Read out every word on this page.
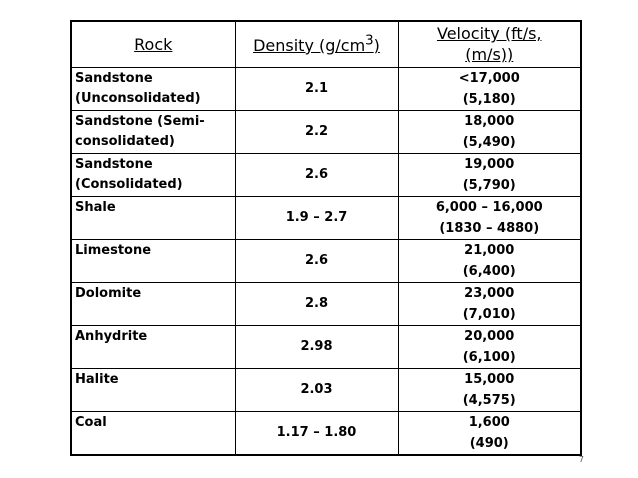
Rock	Density $(g/cm^3)$	Velocity (ft/s,
(m/s))
Sandstone (Unconsolidated)	2.1	<17,000
(5,180)

Sandstone (Semi-consolidated)	2.2	18,000
(5,490)

Sandstone (Consolidated)	2.6	19,000
(5,790)

Shale	1.9 – 2.7	6,000 – 16,000
(1830 – 4880)

Limestone	2.6	21,000
(6,400)

Dolomite	2.8	23,000
(7,010)

Anhydrite	2.98	20,000
(6,100)

Halite	2.03	15,000
(4,575)

Coal	1.17 – 1.80	1,600
(490)
7
